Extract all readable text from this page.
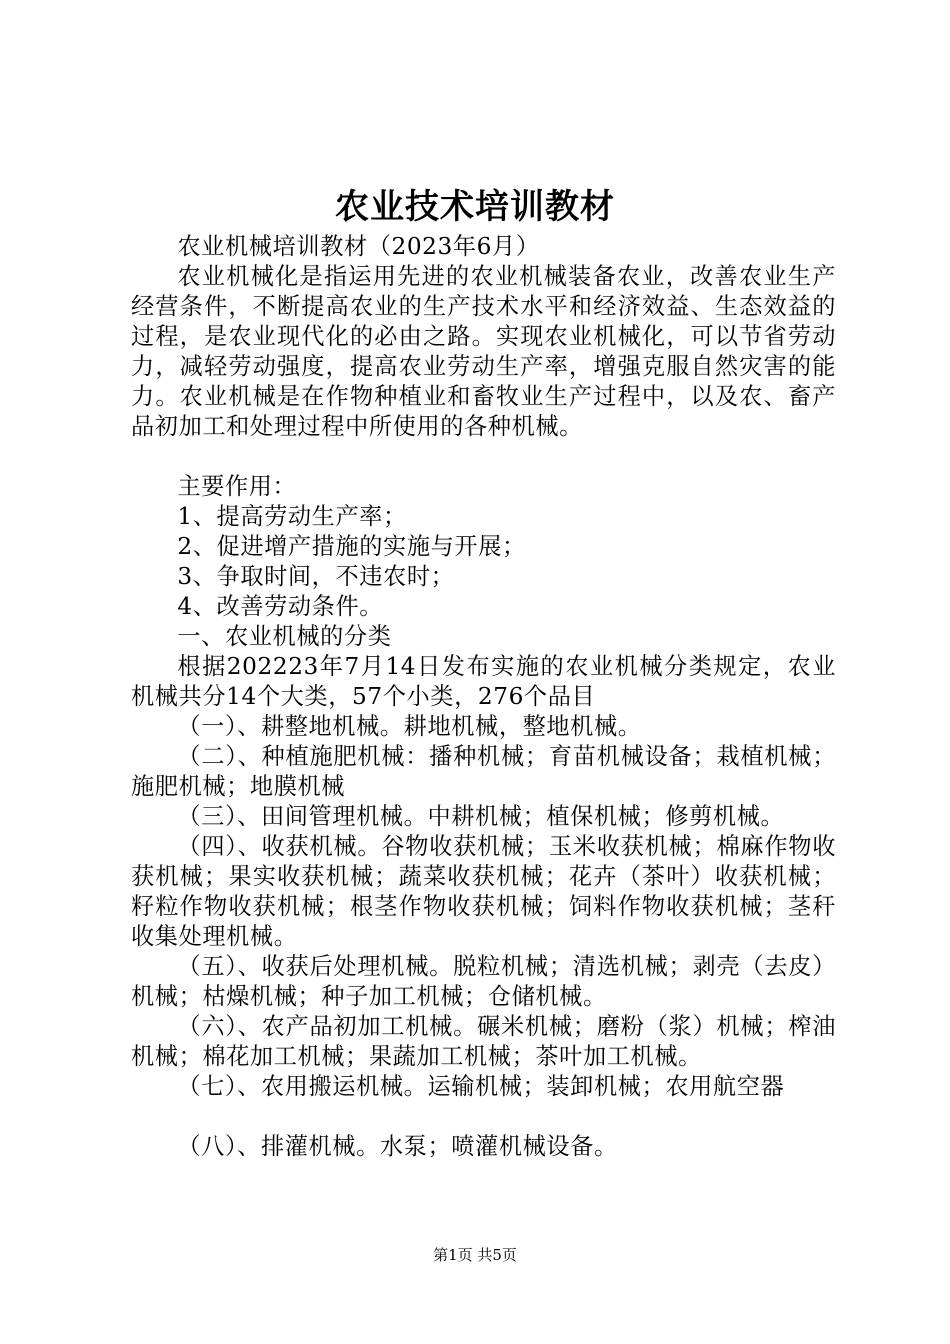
农业技术培训教材

农业机械培训教材（2023年6月）

农业机械化是指运用先进的农业机械装备农业，改善农业生产经营条件，不断提高农业的生产技术水平和经济效益、生态效益的过程，是农业现代化的必由之路。实现农业机械化，可以节省劳动力，减轻劳动强度，提高农业劳动生产率，增强克服自然灾害的能力。农业机械是在作物种植业和畜牧业生产过程中，以及农、畜产品初加工和处理过程中所使用的各种机械。

主要作用：

1、提高劳动生产率；

2、促进增产措施的实施与开展；

3、争取时间，不违农时；

4、改善劳动条件。

一、农业机械的分类

根据202223年7月14日发布实施的农业机械分类规定，农业机械共分14个大类，57个小类，276个品目

（一）、耕整地机械。耕地机械，整地机械。

（二）、种植施肥机械：播种机械；育苗机械设备；栽植机械；施肥机械；地膜机械

（三）、田间管理机械。中耕机械；植保机械；修剪机械。

（四）、收获机械。谷物收获机械；玉米收获机械；棉麻作物收获机械；果实收获机械；蔬菜收获机械；花卉（茶叶）收获机械；籽粒作物收获机械；根茎作物收获机械；饲料作物收获机械；茎秆收集处理机械。

（五）、收获后处理机械。脱粒机械；清选机械；剥壳（去皮）机械；枯燥机械；种子加工机械；仓储机械。

（六）、农产品初加工机械。碾米机械；磨粉（浆）机械；榨油机械；棉花加工机械；果蔬加工机械；茶叶加工机械。

（七）、农用搬运机械。运输机械；装卸机械；农用航空器

（八）、排灌机械。水泵；喷灌机械设备。

第1页 共5页
